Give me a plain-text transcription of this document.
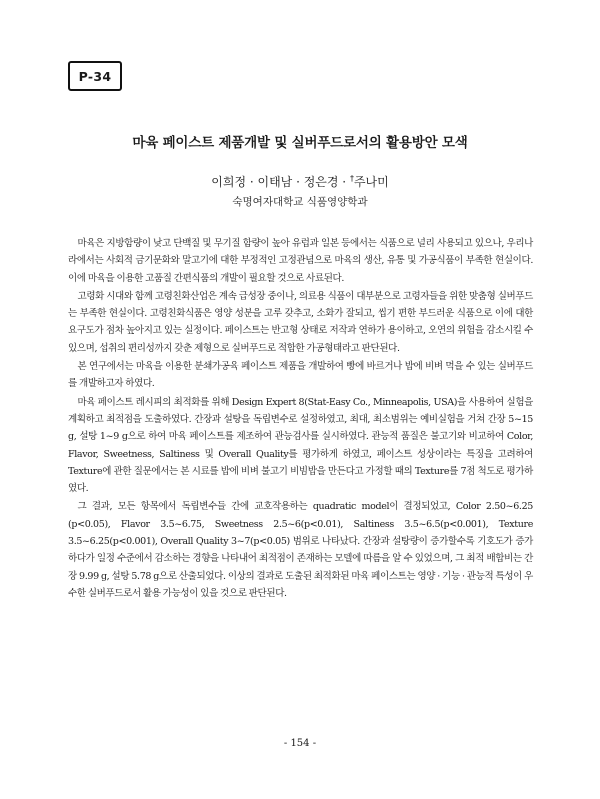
P-34
마육 페이스트 제품개발 및 실버푸드로서의 활용방안 모색
이희정 · 이태남 · 정은경 · †주나미
숙명여자대학교 식품영양학과

마육은 지방함량이 낮고 단백질 및 무기질 함량이 높아 유럽과 일본 등에서는 식품으로 널리 사용되고 있으나, 우리나라에서는 사회적 금기문화와 말고기에 대한 부정적인 고정관념으로 마육의 생산, 유통 및 가공식품이 부족한 현실이다. 이에 마육을 이용한 고품질 간편식품의 개발이 필요할 것으로 사료된다.

고령화 시대와 함께 고령친화산업은 계속 급성장 중이나, 의료용 식품이 대부분으로 고령자들을 위한 맞춤형 실버푸드는 부족한 현실이다. 고령친화식품은 영양 성분을 고루 갖추고, 소화가 잘되고, 씹기 편한 부드러운 식품으로 이에 대한 요구도가 점차 높아지고 있는 실정이다. 페이스트는 반고형 상태로 저작과 연하가 용이하고, 오연의 위험을 감소시킬 수 있으며, 섭취의 편리성까지 갖춘 제형으로 실버푸드로 적합한 가공형태라고 판단된다.

본 연구에서는 마육을 이용한 분쇄가공육 페이스트 제품을 개발하여 빵에 바르거나 밥에 비벼 먹을 수 있는 실버푸드를 개발하고자 하였다.

마육 페이스트 레시피의 최적화를 위해 Design Expert 8(Stat-Easy Co., Minneapolis, USA)을 사용하여 실험을 계획하고 최적점을 도출하였다. 간장과 설탕을 독립변수로 설정하였고, 최대, 최소범위는 예비실험을 거쳐 간장 5~15 g, 설탕 1~9 g으로 하여 마육 페이스트를 제조하여 관능검사를 실시하였다. 관능적 품질은 불고기와 비교하여 Color, Flavor, Sweetness, Saltiness 및 Overall Quality를 평가하게 하였고, 페이스트 성상이라는 특징을 고려하여 Texture에 관한 질문에서는 본 시료를 밥에 비벼 불고기 비빔밥을 만든다고 가정할 때의 Texture를 7점 척도로 평가하였다.

그 결과, 모든 항목에서 독립변수들 간에 교호작용하는 quadratic model이 결정되었고, Color 2.50~6.25 (p<0.05), Flavor 3.5~6.75, Sweetness 2.5~6(p<0.01), Saltiness 3.5~6.5(p<0.001), Texture 3.5~6.25(p<0.001), Overall Quality 3~7(p<0.05) 범위로 나타났다. 간장과 설탕량이 증가할수록 기호도가 증가하다가 일정 수준에서 감소하는 경향을 나타내어 최적점이 존재하는 모델에 따름을 알 수 있었으며, 그 최적 배합비는 간장 9.99 g, 설탕 5.78 g으로 산출되었다. 이상의 결과로 도출된 최적화된 마육 페이스트는 영양 · 기능 · 관능적 특성이 우수한 실버푸드로서 활용 가능성이 있을 것으로 판단된다.

- 154 -
